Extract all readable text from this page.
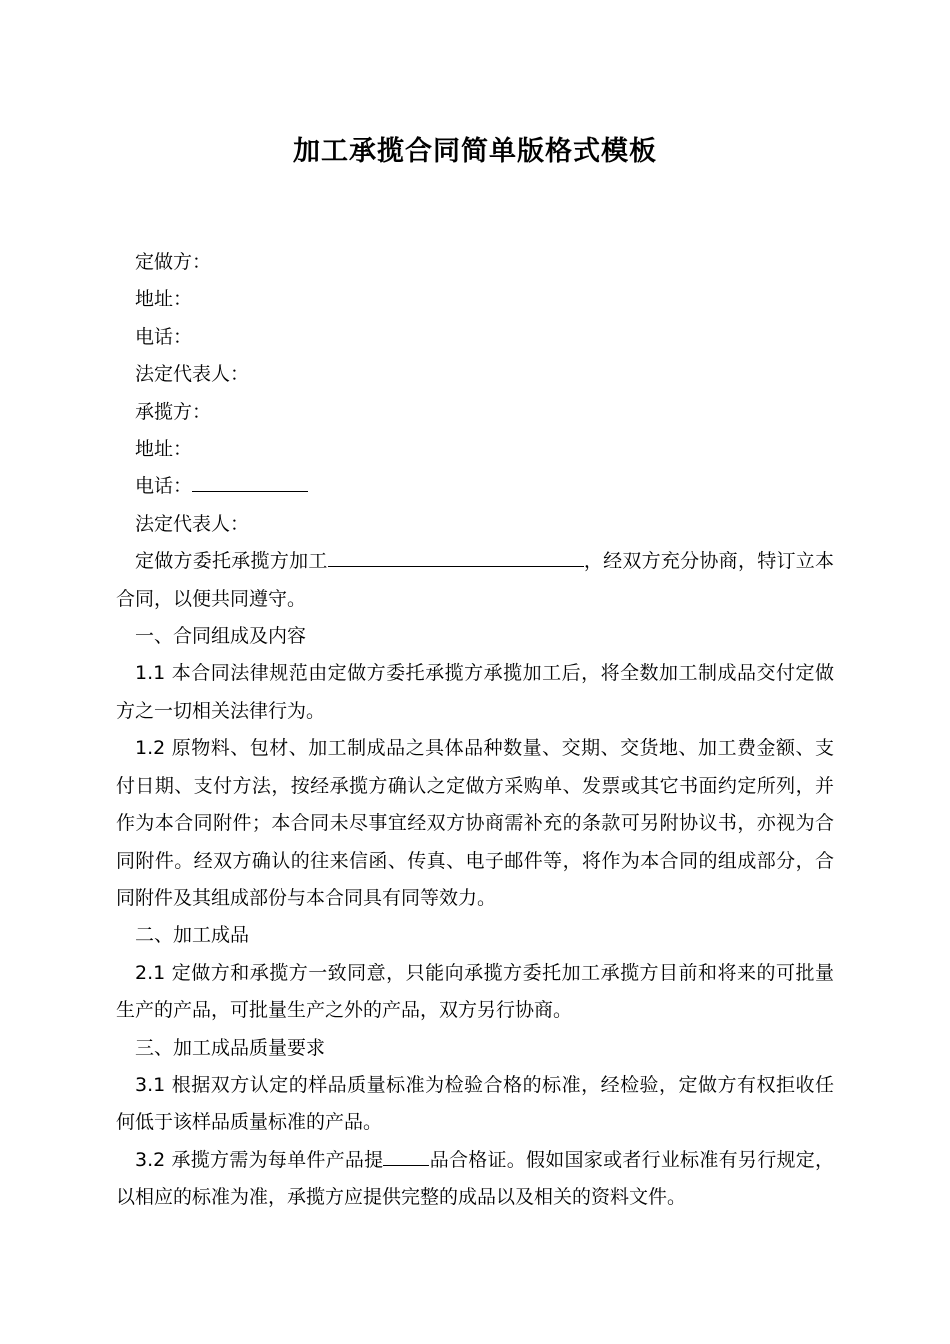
加工承揽合同简单版格式模板

定做方：

地址：

电话：

法定代表人：

承揽方：

地址：

电话：

法定代表人：

定做方委托承揽方加工	，经双方充分协商，特订立本合同，以便共同遵守。

一、合同组成及内容

1.1 本合同法律规范由定做方委托承揽方承揽加工后，将全数加工制成品交付定做方之一切相关法律行为。

1.2 原物料、包材、加工制成品之具体品种数量、交期、交货地、加工费金额、支付日期、支付方法，按经承揽方确认之定做方采购单、发票或其它书面约定所列，并作为本合同附件；本合同未尽事宜经双方协商需补充的条款可另附协议书，亦视为合同附件。经双方确认的往来信函、传真、电子邮件等，将作为本合同的组成部分，合同附件及其组成部份与本合同具有同等效力。

二、加工成品

2.1 定做方和承揽方一致同意，只能向承揽方委托加工承揽方目前和将来的可批量生产的产品，可批量生产之外的产品，双方另行协商。

三、加工成品质量要求

3.1 根据双方认定的样品质量标准为检验合格的标准，经检验，定做方有权拒收任何低于该样品质量标准的产品。

3.2 承揽方需为每单件产品提 品合格证。假如国家或者行业标准有另行规定，以相应的标准为准，承揽方应提供完整的成品以及相关的资料文件。
